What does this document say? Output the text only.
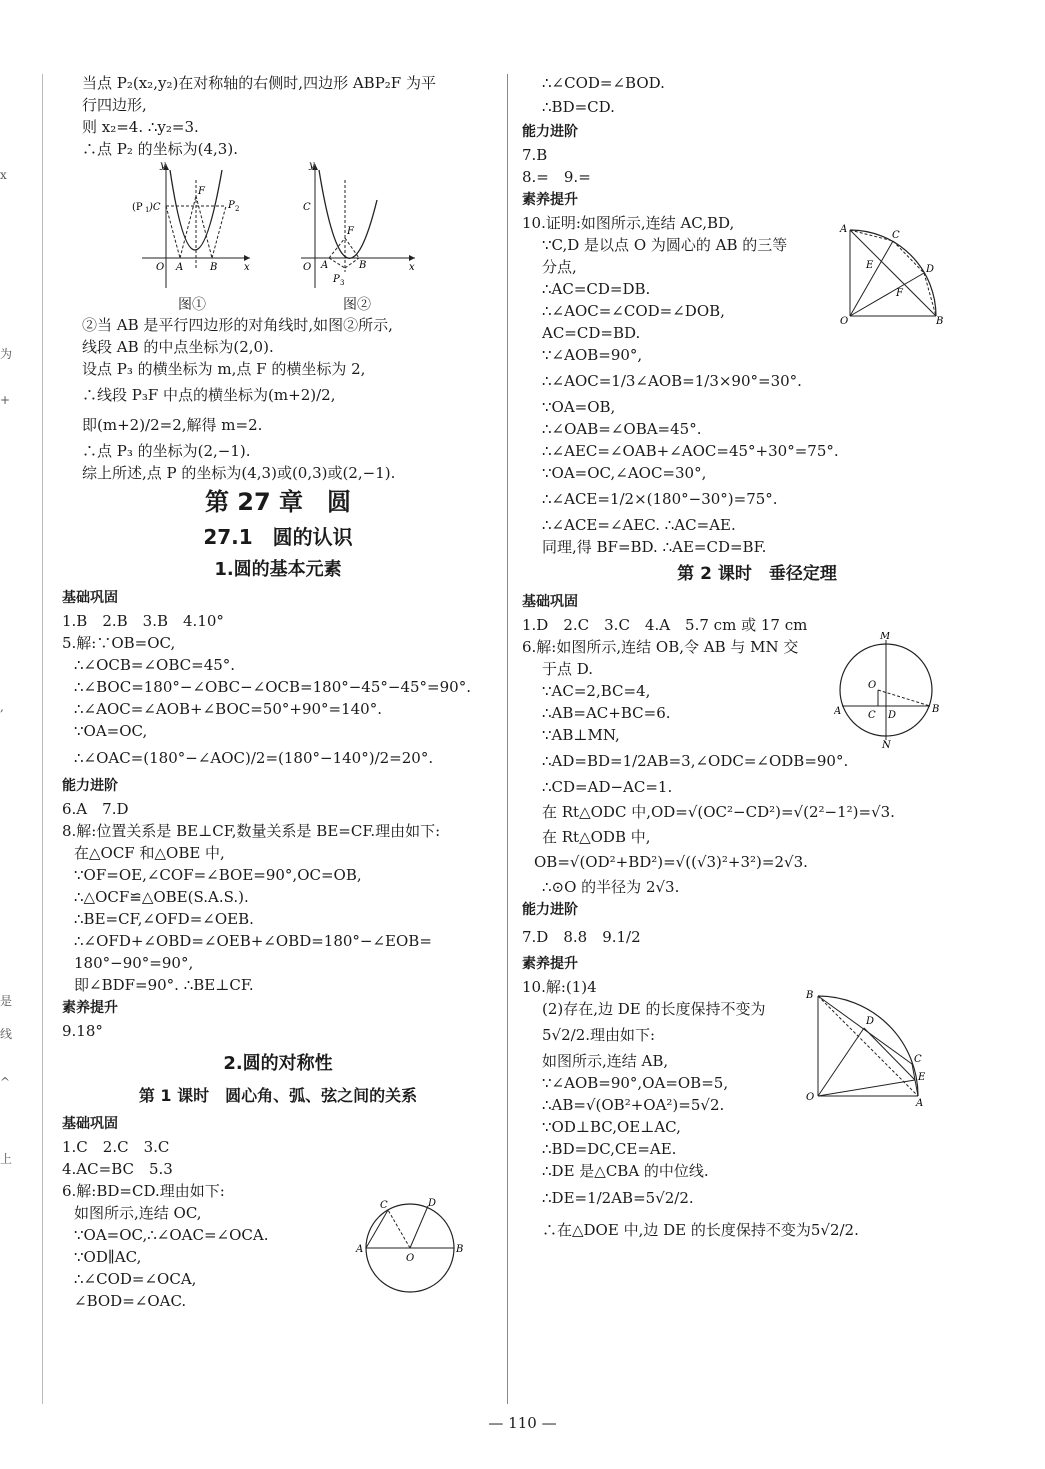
x
为
+
,
是
线
^
上

当点 P₂(x₂,y₂)在对称轴的右侧时,四边形 ABP₂F 为平

行四边形,

则 x₂=4. ∴y₂=3.

∴点 P₂ 的坐标为(4,3).

y
x
(P 1 )C
F
P 2
O A	B
图①
y
x
C
F
O A	B
P 3
图②

②当 AB 是平行四边形的对角线时,如图②所示,

线段 AB 的中点坐标为(2,0).

设点 P₃ 的横坐标为 m,点 F 的横坐标为 2,

∴线段 P₃F 中点的横坐标为(m+2)/2,

即(m+2)/2=2,解得 m=2.

∴点 P₃ 的坐标为(2,−1).

综上所述,点 P 的坐标为(4,3)或(0,3)或(2,−1).

第 27 章　圆
27.1　圆的认识
1.圆的基本元素
基础巩固

1.B　2.B　3.B　4.10°

5.解:∵OB=OC,

∴∠OCB=∠OBC=45°.

∴∠BOC=180°−∠OBC−∠OCB=180°−45°−45°=90°.

∴∠AOC=∠AOB+∠BOC=50°+90°=140°.

∵OA=OC,

∴∠OAC=(180°−∠AOC)/2=(180°−140°)/2=20°.

能力进阶

6.A　7.D

8.解:位置关系是 BE⊥CF,数量关系是 BE=CF.理由如下:

在△OCF 和△OBE 中,

∵OF=OE,∠COF=∠BOE=90°,OC=OB,

∴△OCF≌△OBE(S.A.S.).

∴BE=CF,∠OFD=∠OEB.

∴∠OFD+∠OBD=∠OEB+∠OBD=180°−∠EOB=

180°−90°=90°,

即∠BDF=90°. ∴BE⊥CF.

素养提升

9.18°

2.圆的对称性
第 1 课时　圆心角、弧、弦之间的关系
基础巩固

1.C　2.C　3.C

4.AC=BC　5.3

6.解:BD=CD.理由如下:

如图所示,连结 OC,

∵OA=OC,∴∠OAC=∠OCA.

∵OD∥AC,

∴∠COD=∠OCA,

∠BOD=∠OAC.

C	D
A	B
O

∴∠COD=∠BOD.

∴BD=CD.

能力进阶

7.B

8.=　9.=

素养提升

10.证明:如图所示,连结 AC,BD,

∵C,D 是以点 O 为圆心的 AB 的三等

分点,

∴AC=CD=DB.

∴∠AOC=∠COD=∠DOB,

AC=CD=BD.

∵∠AOB=90°,

∴∠AOC=1/3∠AOB=1/3×90°=30°.

∵OA=OB,

∴∠OAB=∠OBA=45°.

∴∠AEC=∠OAB+∠AOC=45°+30°=75°.

∵OA=OC,∠AOC=30°,

∴∠ACE=1/2×(180°−30°)=75°.

∴∠ACE=∠AEC. ∴AC=AE.

同理,得 BF=BD. ∴AE=CD=BF.

A
C
D
E
F
O	B
第 2 课时　垂径定理
基础巩固

1.D　2.C　3.C　4.A　5.7 cm 或 17 cm

6.解:如图所示,连结 OB,令 AB 与 MN 交

于点 D.

∵AC=2,BC=4,

∴AB=AC+BC=6.

∵AB⊥MN,

∴AD=BD=1/2AB=3,∠ODC=∠ODB=90°.

∴CD=AD−AC=1.

在 Rt△ODC 中,OD=√(OC²−CD²)=√(2²−1²)=√3.

在 Rt△ODB 中,

OB=√(OD²+BD²)=√((√3)²+3²)=2√3.

∴⊙O 的半径为 2√3.

M
O
A	C D
B
N
能力进阶

7.D　8.8　9.1/2

素养提升

10.解:(1)4

(2)存在,边 DE 的长度保持不变为

5√2/2.理由如下:

如图所示,连结 AB,

∵∠AOB=90°,OA=OB=5,

∴AB=√(OB²+OA²)=5√2.

∵OD⊥BC,OE⊥AC,

∴BD=DC,CE=AE.

∴DE 是△CBA 的中位线.

∴DE=1/2AB=5√2/2.

∴在△DOE 中,边 DE 的长度保持不变为5√2/2.

B
D
C
E
A
O
— 110 —
